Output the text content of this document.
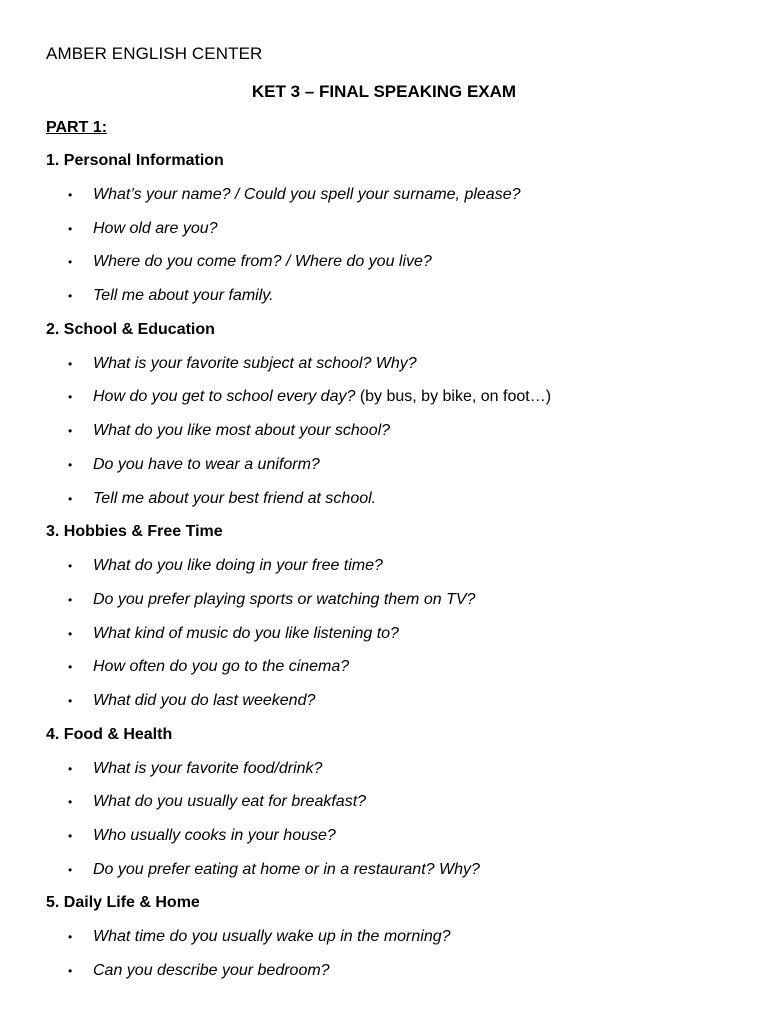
AMBER ENGLISH CENTER
KET 3 – FINAL SPEAKING EXAM
PART 1:
1. Personal Information
• What’s your name? / Could you spell your surname, please?
• How old are you?
• Where do you come from? / Where do you live?
• Tell me about your family.
2. School & Education
• What is your favorite subject at school? Why?
• How do you get to school every day? (by bus, by bike, on foot…)
• What do you like most about your school?
• Do you have to wear a uniform?
• Tell me about your best friend at school.
3. Hobbies & Free Time
• What do you like doing in your free time?
• Do you prefer playing sports or watching them on TV?
• What kind of music do you like listening to?
• How often do you go to the cinema?
• What did you do last weekend?
4. Food & Health
• What is your favorite food/drink?
• What do you usually eat for breakfast?
• Who usually cooks in your house?
• Do you prefer eating at home or in a restaurant? Why?
5. Daily Life & Home
• What time do you usually wake up in the morning?
• Can you describe your bedroom?
